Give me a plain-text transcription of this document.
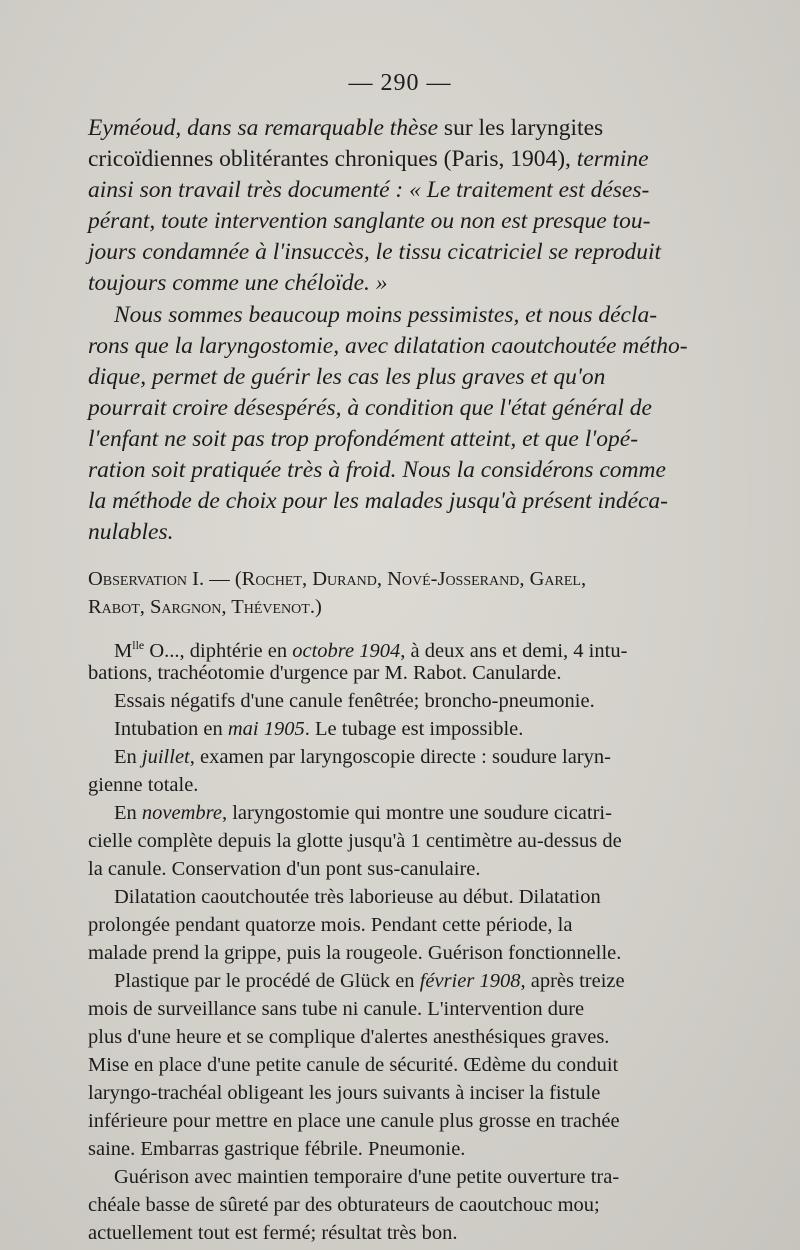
— 290 —
Eyméoud, dans sa remarquable thèse sur les laryngites
cricoïdiennes oblitérantes chroniques (Paris, 1904), termine
ainsi son travail très documenté : « Le traitement est déses-
pérant, toute intervention sanglante ou non est presque tou-
jours condamnée à l'insuccès, le tissu cicatriciel se reproduit
toujours comme une chéloïde. »
Nous sommes beaucoup moins pessimistes, et nous décla-
rons que la laryngostomie, avec dilatation caoutchoutée métho-
dique, permet de guérir les cas les plus graves et qu'on
pourrait croire désespérés, à condition que l'état général de
l'enfant ne soit pas trop profondément atteint, et que l'opé-
ration soit pratiquée très à froid. Nous la considérons comme
la méthode de choix pour les malades jusqu'à présent indéca-
nulables.
Observation I. — (Rochet, Durand, Nové-Josserand, Garel,
Rabot, Sargnon, Thévenot.)
$M^{lle}$ O..., diphtérie en octobre 1904, à deux ans et demi, 4 intu-
bations, trachéotomie d'urgence par M. Rabot. Canularde.
Essais négatifs d'une canule fenêtrée; broncho-pneumonie.
Intubation en mai 1905. Le tubage est impossible.
En juillet, examen par laryngoscopie directe : soudure laryn-
gienne totale.
En novembre, laryngostomie qui montre une soudure cicatri-
cielle complète depuis la glotte jusqu'à 1 centimètre au-dessus de
la canule. Conservation d'un pont sus-canulaire.
Dilatation caoutchoutée très laborieuse au début. Dilatation
prolongée pendant quatorze mois. Pendant cette période, la
malade prend la grippe, puis la rougeole. Guérison fonctionnelle.
Plastique par le procédé de Glück en février 1908, après treize
mois de surveillance sans tube ni canule. L'intervention dure
plus d'une heure et se complique d'alertes anesthésiques graves.
Mise en place d'une petite canule de sécurité. Œdème du conduit
laryngo-trachéal obligeant les jours suivants à inciser la fistule
inférieure pour mettre en place une canule plus grosse en trachée
saine. Embarras gastrique fébrile. Pneumonie.
Guérison avec maintien temporaire d'une petite ouverture tra-
chéale basse de sûreté par des obturateurs de caoutchouc mou;
actuellement tout est fermé; résultat très bon.
